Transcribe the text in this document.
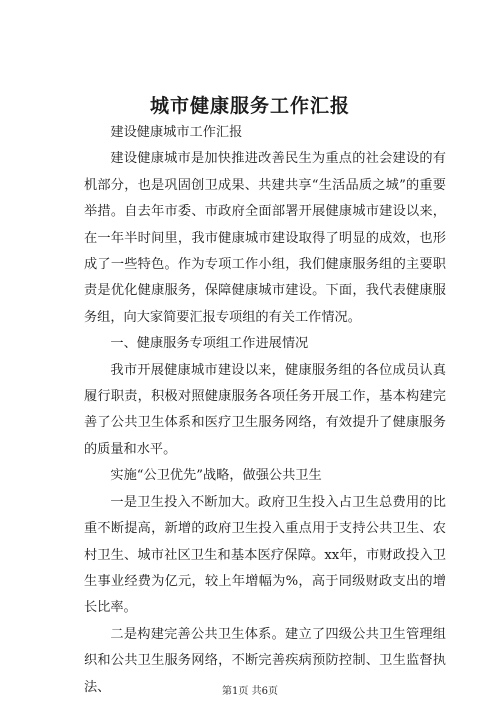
城市健康服务工作汇报

建设健康城市工作汇报

建设健康城市是加快推进改善民生为重点的社会建设的有机部分，也是巩固创卫成果、共建共享“生活品质之城”的重要举措。自去年市委、市政府全面部署开展健康城市建设以来，在一年半时间里，我市健康城市建设取得了明显的成效，也形成了一些特色。作为专项工作小组，我们健康服务组的主要职责是优化健康服务，保障健康城市建设。下面，我代表健康服务组，向大家简要汇报专项组的有关工作情况。

一、健康服务专项组工作进展情况

我市开展健康城市建设以来，健康服务组的各位成员认真履行职责，积极对照健康服务各项任务开展工作，基本构建完善了公共卫生体系和医疗卫生服务网络，有效提升了健康服务的质量和水平。

实施“公卫优先”战略，做强公共卫生

一是卫生投入不断加大。政府卫生投入占卫生总费用的比重不断提高，新增的政府卫生投入重点用于支持公共卫生、农村卫生、城市社区卫生和基本医疗保障。xx年，市财政投入卫生事业经费为亿元，较上年增幅为%，高于同级财政支出的增长比率。

二是构建完善公共卫生体系。建立了四级公共卫生管理组织和公共卫生服务网络，不断完善疾病预防控制、卫生监督执法、	第1页 共6页
